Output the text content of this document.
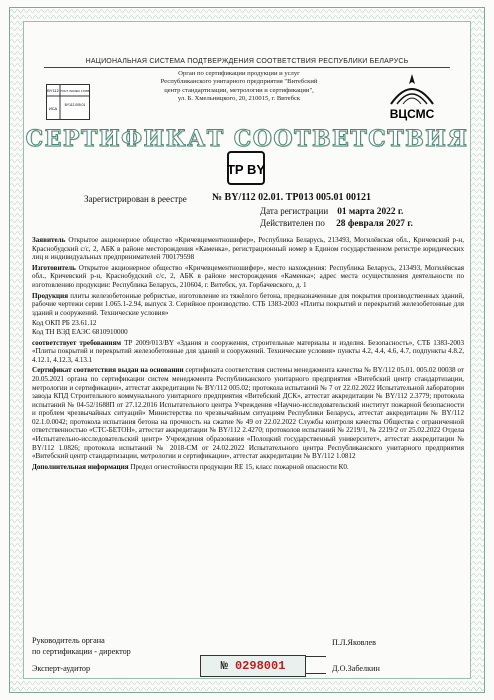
НАЦИОНАЛЬНАЯ СИСТЕМА ПОДТВЕРЖДЕНИЯ СООТВЕТСТВИЯ РЕСПУБЛИКИ БЕЛАРУСЬ
BY112 ГОСТ ISO/IEC 17065
BY112.005.01
ИСА
Орган по сертификации продукции и услуг
Республиканского унитарного предприятия "Витебский
центр стандартизации, метрологии и сертификации",
ул. Б. Хмельницкого, 20, 210015, г. Витебск
ВЦСМС
СЕРТИФИКАТ СООТВЕТСТВИЯ
TP BY
Зарегистрирован в реестре	№ BY/112 02.01. ТР013 005.01 00121
Дата регистрации 01 марта 2022 г.
Действителен по 28 февраля 2027 г.

Заявитель Открытое акционерное общество «Кричевцементношифер», Республика Беларусь, 213493, Могилёвская обл., Кричевский р-н, Краснобудский с/с, 2, АБК в районе месторождения «Каменка», регистрационный номер в Едином государственном регистре юридических лиц и индивидуальных предпринимателей 700179598

Изготовитель Открытое акционерное общество «Кричевцементношифер», место нахождения: Республика Беларусь, 213493, Могилёвская обл., Кричевский р-н, Краснобудский с/с, 2, АБК в районе месторождения «Каменка»; адрес места осуществления деятельности по изготовлению продукции: Республика Беларусь, 210604, г. Витебск, ул. Горбачевского, д. 1

Продукция плиты железобетонные ребристые, изготовление из тяжёлого бетона, предназначенные для покрытия производственных зданий, рабочие чертежи серии 1.065.1-2.94, выпуск 3. Серийное производство. СТБ 1383-2003 «Плиты покрытий и перекрытий железобетонные для зданий и сооружений. Технические условия»

Код ОКП РБ 23.61.12

Код ТН ВЭД ЕАЭС 6810910000

соответствует требованиям ТР 2009/013/BY «Здания и сооружения, строительные материалы и изделия. Безопасность», СТБ 1383-2003 «Плиты покрытий и перекрытий железобетонные для зданий и сооружений. Технические условия» пункты 4.2, 4.4, 4.6, 4.7, подпункты 4.8.2, 4.12.1, 4.12.3, 4.13.1

Сертификат соответствия выдан на основании сертификата соответствия системы менеджмента качества № BY/112 05.01. 005.02 00038 от 20.05.2021 органа по сертификации систем менеджмента Республиканского унитарного предприятия «Витебский центр стандартизации, метрологии и сертификации», аттестат аккредитации № BY/112 005.02; протокола испытаний № 7 от 22.02.2022 Испытательной лаборатории завода КПД Строительного коммунального унитарного предприятия «Витебский ДСК», аттестат аккредитации № BY/112 2.3779; протокола испытаний № 04-52/1688П от 27.12.2016 Испытательного центра Учреждения «Научно-исследовательский институт пожарной безопасности и проблем чрезвычайных ситуаций» Министерства по чрезвычайным ситуациям Республики Беларусь, аттестат аккредитации № BY/112 02.1.0.0042; протокола испытания бетона на прочность на сжатие № 49 от 22.02.2022 Службы контроля качества Общества с ограниченной ответственностью «СТС-БЕТОН», аттестат аккредитации № BY/112 2.4270; протоколов испытаний № 2219/1, № 2219/2 от 25.02.2022 Отдела «Испытательно-исследовательский центр» Учреждения образования «Полоцкий государственный университет», аттестат аккредитации № BY/112 1.0826; протокола испытаний № 2018-СМ от 24.02.2022 Испытательного центра Республиканского унитарного предприятия «Витебский центр стандартизации, метрологии и сертификации», аттестат аккредитации № BY/112 1.0812

Дополнительная информация Предел огнестойкости продукции RE 15, класс пожарной опасности К0.

Руководитель органа
по сертификации - директор
П.Л.Яковлев
Эксперт-аудитор	Д.О.Забелкин
№ 0298001
